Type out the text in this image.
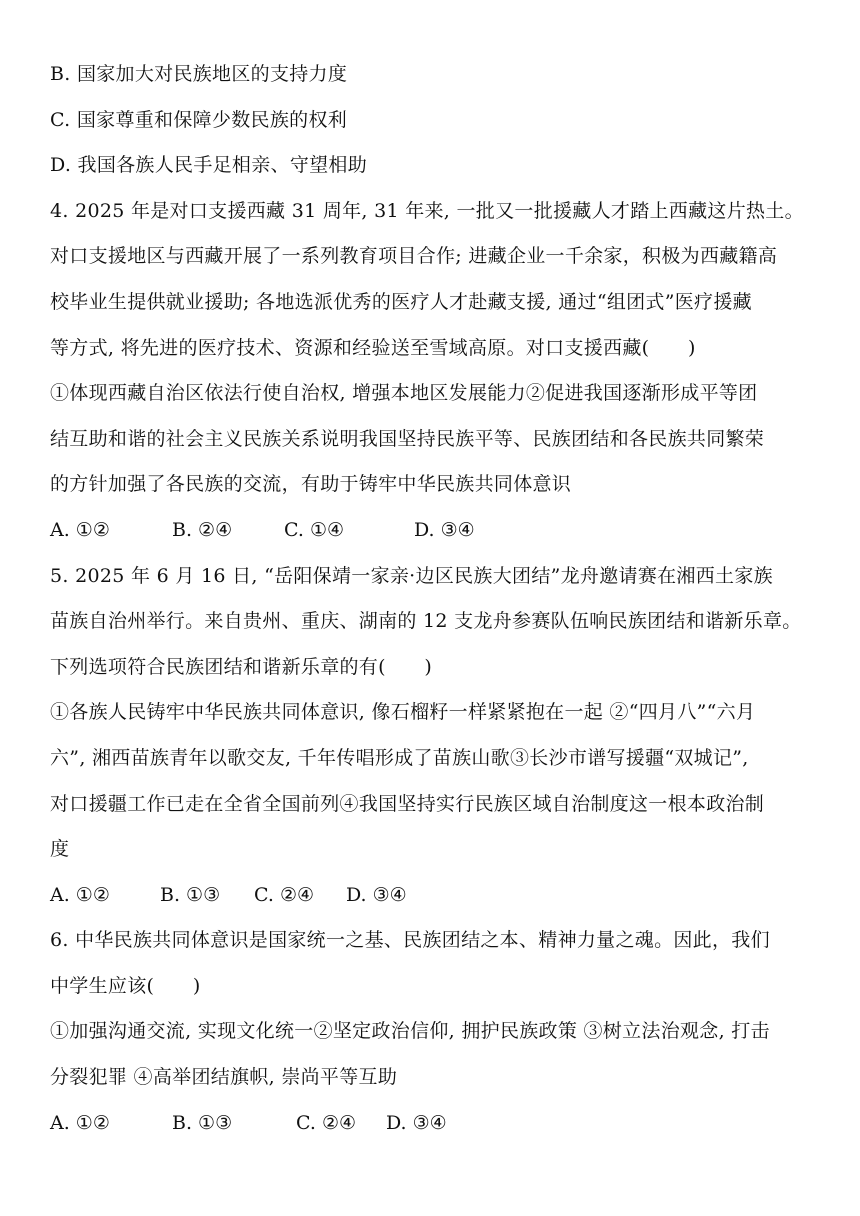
B. 国家加大对民族地区的支持力度

C. 国家尊重和保障少数民族的权利

D. 我国各族人民手足相亲、守望相助

4. 2025 年是对口支援西藏 31 周年, 31 年来, 一批又一批援藏人才踏上西藏这片热土。

对口支援地区与西藏开展了一系列教育项目合作; 进藏企业一千余家，积极为西藏籍高

校毕业生提供就业援助; 各地选派优秀的医疗人才赴藏支援, 通过“组团式”医疗援藏

等方式, 将先进的医疗技术、资源和经验送至雪域高原。对口支援西藏(　　)

①体现西藏自治区依法行使自治权, 增强本地区发展能力②促进我国逐渐形成平等团

结互助和谐的社会主义民族关系说明我国坚持民族平等、民族团结和各民族共同繁荣

的方针加强了各民族的交流，有助于铸牢中华民族共同体意识

A. ①②	B. ②④	C. ①④	D. ③④

5. 2025 年 6 月 16 日, “岳阳保靖一家亲·边区民族大团结”龙舟邀请赛在湘西土家族

苗族自治州举行。来自贵州、重庆、湖南的 12 支龙舟参赛队伍响民族团结和谐新乐章。

下列选项符合民族团结和谐新乐章的有(　　)

①各族人民铸牢中华民族共同体意识, 像石榴籽一样紧紧抱在一起 ②“四月八”“六月

六”, 湘西苗族青年以歌交友, 千年传唱形成了苗族山歌③长沙市谱写援疆“双城记”,

对口援疆工作已走在全省全国前列④我国坚持实行民族区域自治制度这一根本政治制

度

A. ①②	B. ①③	C. ②④	D. ③④

6. 中华民族共同体意识是国家统一之基、民族团结之本、精神力量之魂。因此，我们

中学生应该(　　)

①加强沟通交流, 实现文化统一②坚定政治信仰, 拥护民族政策 ③树立法治观念, 打击

分裂犯罪 ④高举团结旗帜, 崇尚平等互助

A. ①②	B. ①③	C. ②④	D. ③④
